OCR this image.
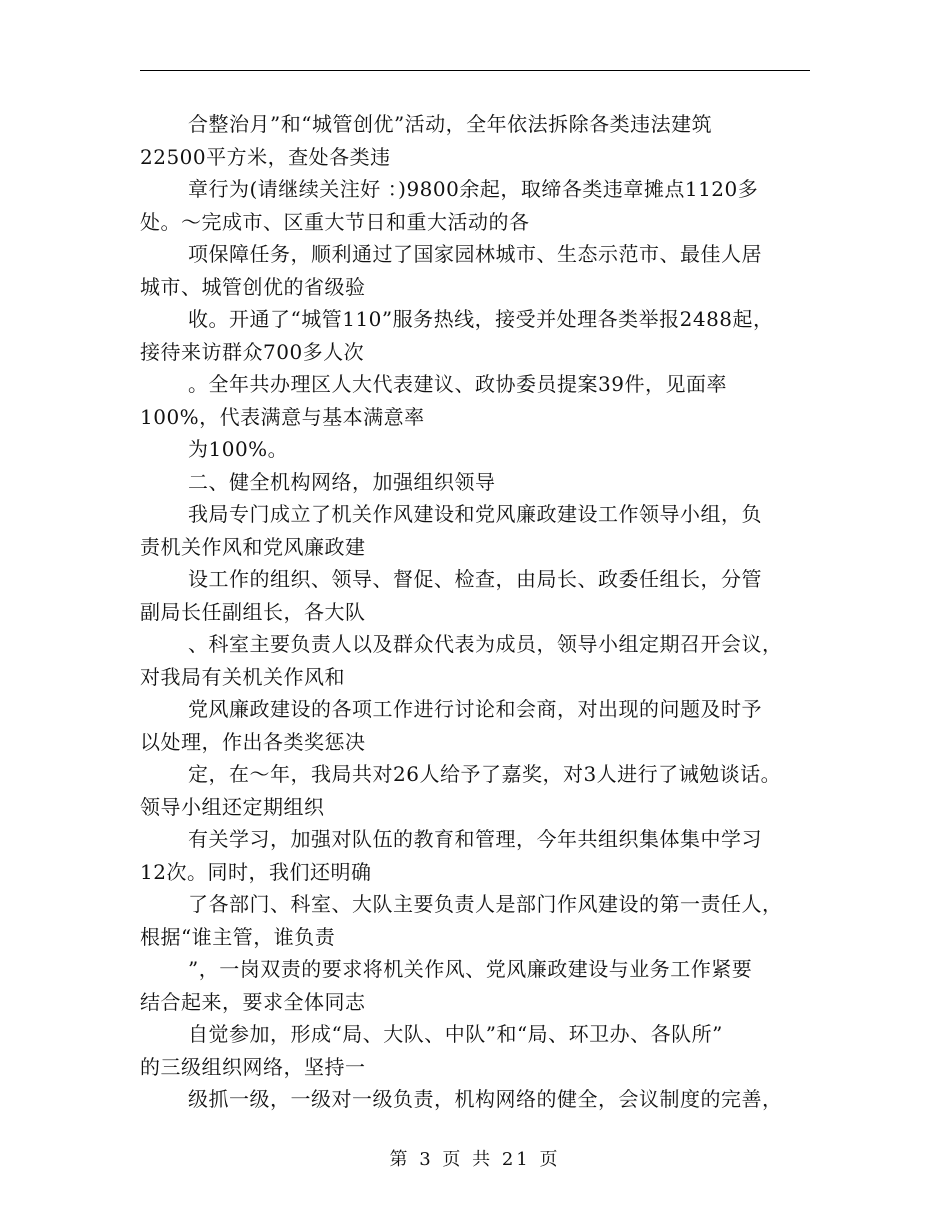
合整治月”和“城管创优”活动，全年依法拆除各类违法建筑
22500平方米，查处各类违
章行为(请继续关注好 ：)9800余起，取缔各类违章摊点1120多
处。～完成市、区重大节日和重大活动的各
项保障任务，顺利通过了国家园林城市、生态示范市、最佳人居
城市、城管创优的省级验
收。开通了“城管110”服务热线，接受并处理各类举报2488起，
接待来访群众700多人次
。全年共办理区人大代表建议、政协委员提案39件，见面率
100%，代表满意与基本满意率
为100%。
二、健全机构网络，加强组织领导
我局专门成立了机关作风建设和党风廉政建设工作领导小组，负
责机关作风和党风廉政建
设工作的组织、领导、督促、检查，由局长、政委任组长，分管
副局长任副组长，各大队
、科室主要负责人以及群众代表为成员，领导小组定期召开会议，
对我局有关机关作风和
党风廉政建设的各项工作进行讨论和会商，对出现的问题及时予
以处理，作出各类奖惩决
定，在～年，我局共对26人给予了嘉奖，对3人进行了诫勉谈话。
领导小组还定期组织
有关学习，加强对队伍的教育和管理，今年共组织集体集中学习
12次。同时，我们还明确
了各部门、科室、大队主要负责人是部门作风建设的第一责任人，
根据“谁主管，谁负责
”，一岗双责的要求将机关作风、党风廉政建设与业务工作紧要
结合起来，要求全体同志
自觉参加，形成“局、大队、中队”和“局、环卫办、各队所”
的三级组织网络，坚持一
级抓一级，一级对一级负责，机构网络的健全，会议制度的完善，
第 3 页 共 21 页
